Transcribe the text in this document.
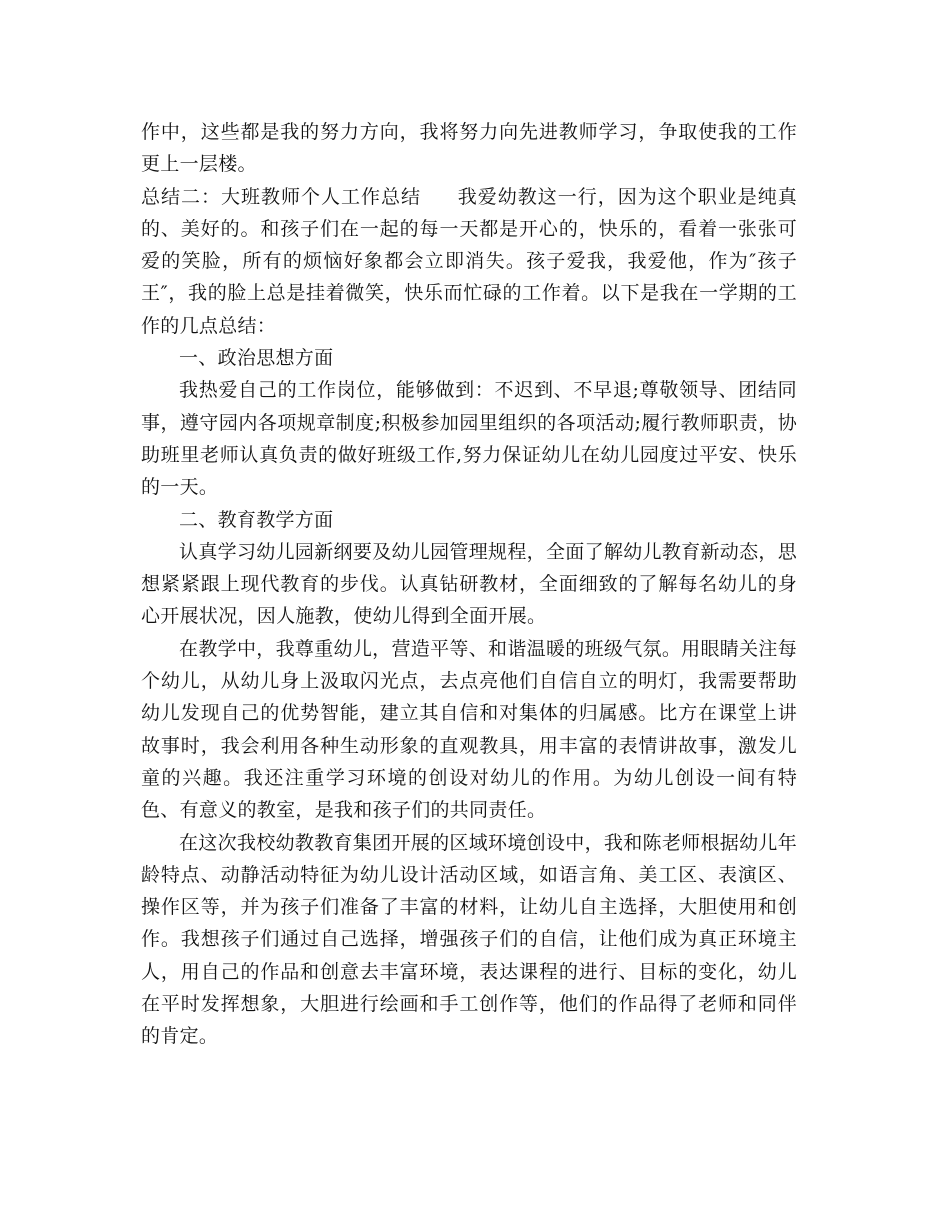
作中，这些都是我的努力方向，我将努力向先进教师学习，争取使我的工作更上一层楼。

总结二：大班教师个人工作总结 我爱幼教这一行，因为这个职业是纯真的、美好的。和孩子们在一起的每一天都是开心的，快乐的，看着一张张可爱的笑脸，所有的烦恼好象都会立即消失。孩子爱我，我爱他，作为″孩子王″，我的脸上总是挂着微笑，快乐而忙碌的工作着。以下是我在一学期的工作的几点总结：

一、政治思想方面

我热爱自己的工作岗位，能够做到：不迟到、不早退;尊敬领导、团结同事，遵守园内各项规章制度;积极参加园里组织的各项活动;履行教师职责，协助班里老师认真负责的做好班级工作,努力保证幼儿在幼儿园度过平安、快乐的一天。

二、教育教学方面

认真学习幼儿园新纲要及幼儿园管理规程，全面了解幼儿教育新动态，思想紧紧跟上现代教育的步伐。认真钻研教材，全面细致的了解每名幼儿的身心开展状况，因人施教，使幼儿得到全面开展。

在教学中，我尊重幼儿，营造平等、和谐温暖的班级气氛。用眼睛关注每个幼儿，从幼儿身上汲取闪光点，去点亮他们自信自立的明灯，我需要帮助幼儿发现自己的优势智能，建立其自信和对集体的归属感。比方在课堂上讲故事时，我会利用各种生动形象的直观教具，用丰富的表情讲故事，激发儿童的兴趣。我还注重学习环境的创设对幼儿的作用。为幼儿创设一间有特色、有意义的教室，是我和孩子们的共同责任。

在这次我校幼教教育集团开展的区域环境创设中，我和陈老师根据幼儿年龄特点、动静活动特征为幼儿设计活动区域，如语言角、美工区、表演区、操作区等，并为孩子们准备了丰富的材料，让幼儿自主选择，大胆使用和创作。我想孩子们通过自己选择，增强孩子们的自信，让他们成为真正环境主人，用自己的作品和创意去丰富环境，表达课程的进行、目标的变化，幼儿在平时发挥想象，大胆进行绘画和手工创作等，他们的作品得了老师和同伴的肯定。
